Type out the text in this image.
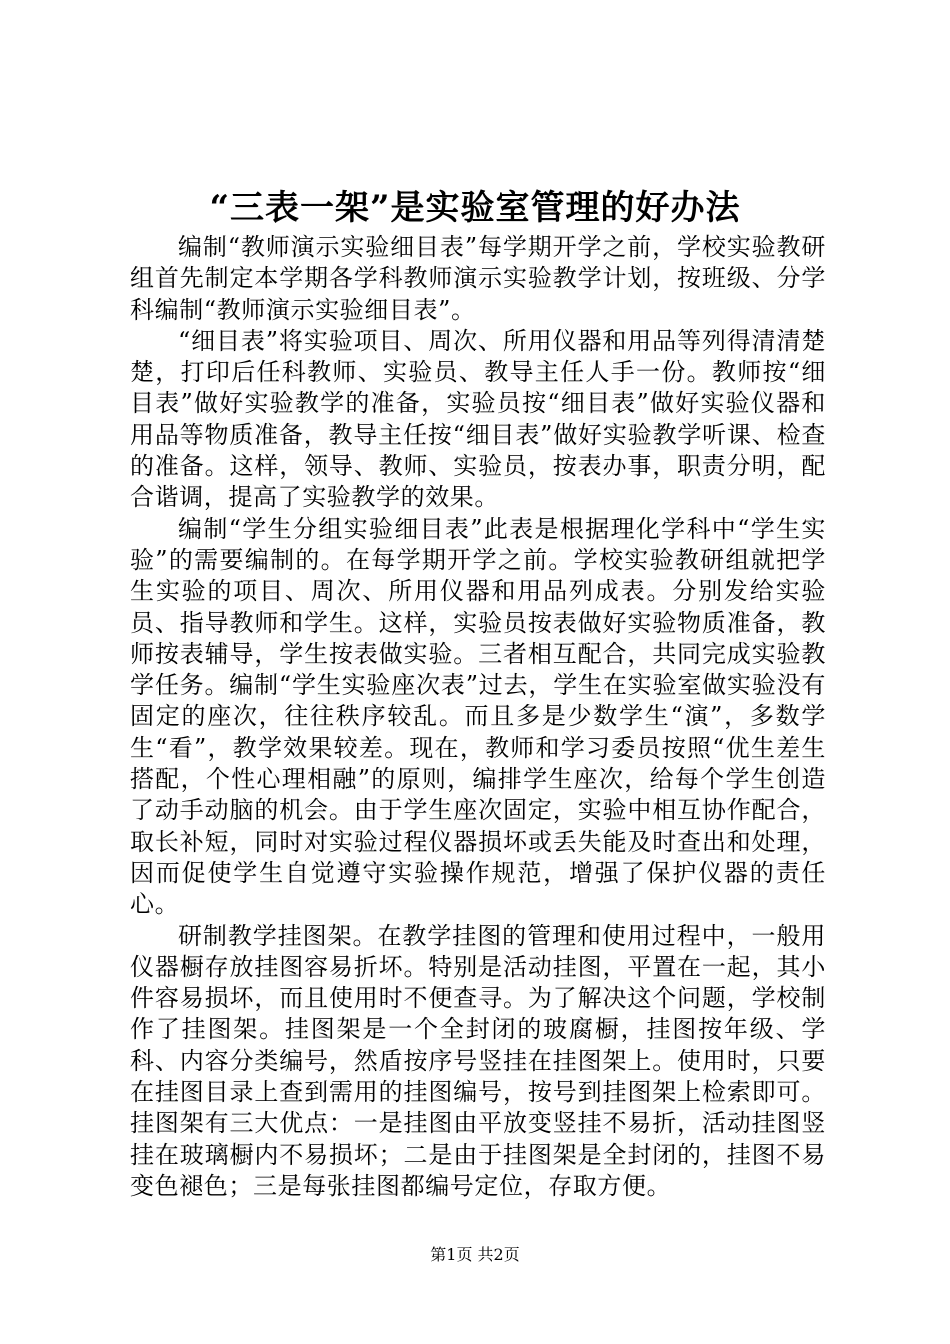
“三表一架”是实验室管理的好办法

编制“教师演示实验细目表”每学期开学之前，学校实验教研组首先制定本学期各学科教师演示实验教学计划，按班级、分学科编制“教师演示实验细目表”。

“细目表”将实验项目、周次、所用仪器和用品等列得清清楚楚，打印后任科教师、实验员、教导主任人手一份。教师按“细目表”做好实验教学的准备，实验员按“细目表”做好实验仪器和用品等物质准备，教导主任按“细目表”做好实验教学听课、检查的准备。这样，领导、教师、实验员，按表办事，职责分明，配合谐调，提高了实验教学的效果。

编制“学生分组实验细目表”此表是根据理化学科中“学生实验”的需要编制的。在每学期开学之前。学校实验教研组就把学生实验的项目、周次、所用仪器和用品列成表。分别发给实验员、指导教师和学生。这样，实验员按表做好实验物质准备，教师按表辅导，学生按表做实验。三者相互配合，共同完成实验教学任务。编制“学生实验座次表”过去，学生在实验室做实验没有固定的座次，往往秩序较乱。而且多是少数学生“演”，多数学生“看”，教学效果较差。现在，教师和学习委员按照“优生差生搭配，个性心理相融”的原则，编排学生座次，给每个学生创造了动手动脑的机会。由于学生座次固定，实验中相互协作配合，取长补短，同时对实验过程仪器损坏或丢失能及时查出和处理，因而促使学生自觉遵守实验操作规范，增强了保护仪器的责任心。

研制教学挂图架。在教学挂图的管理和使用过程中，一般用仪器橱存放挂图容易折坏。特别是活动挂图，平置在一起，其小件容易损坏，而且使用时不便查寻。为了解决这个问题，学校制作了挂图架。挂图架是一个全封闭的玻腐橱，挂图按年级、学科、内容分类编号，然盾按序号竖挂在挂图架上。使用时，只要在挂图目录上查到需用的挂图编号，按号到挂图架上检索即可。挂图架有三大优点：一是挂图由平放变竖挂不易折，活动挂图竖挂在玻璃橱内不易损坏；二是由于挂图架是全封闭的，挂图不易变色褪色；三是每张挂图都编号定位，存取方便。

第1页 共2页
